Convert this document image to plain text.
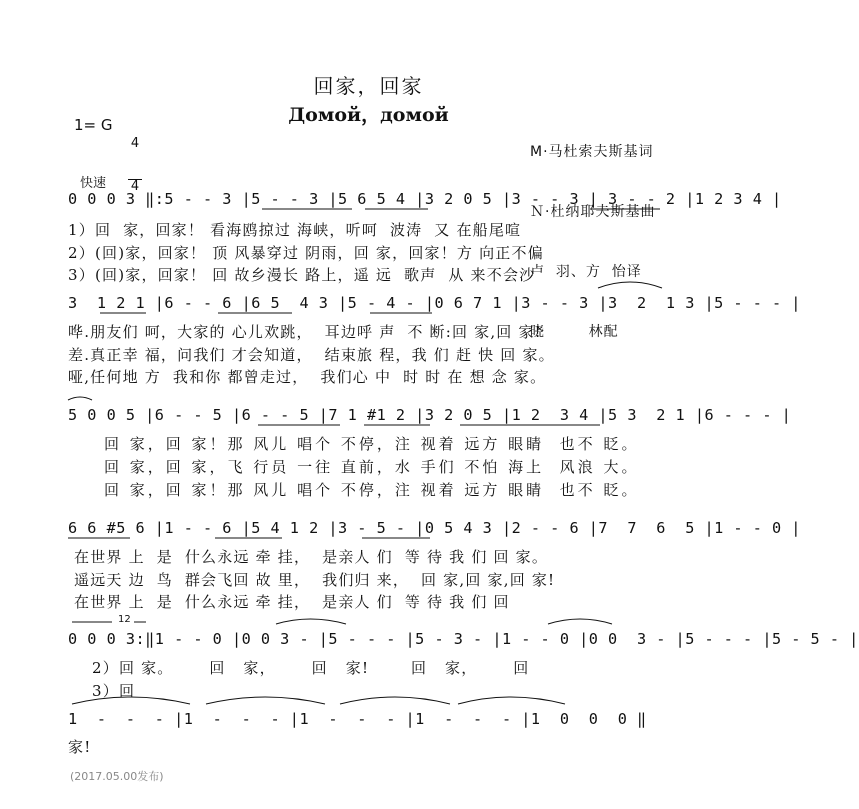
回家，回家
Домой，домой
1= G

4

4

М·马杜索夫斯基词

Ｎ·杜纳耶夫斯基曲

卢  羽、方  怡译

晓        林配

快速
0 0 0 3 ‖:5 - - 3 |5 - - 3 |5 6 5 4 |3 2 0 5 |3 - - 3 | 3 - - 2 |1 2 3 4 |
1）回  家，回家！ 看海鸥掠过 海峡，听呵  波涛  又 在船尾喧
2）(回)家，回家！ 顶 风暴穿过 阴雨，回 家，回家！方 向正不偏
3）(回)家，回家！ 回 故乡漫长 路上，遥 远  歌声  从 来不会沙
3  1 2 1 |6 - - 6 |6 5  4 3 |5 - 4 - |0 6 7 1 |3 - - 3 |3  2  1 3 |5 - - - |
哗.朋友们 呵，大家的 心儿欢跳，  耳边呼 声  不 断:回 家,回 家!
差.真正幸 福，问我们 才会知道，  结束旅 程，我 们 赶 快 回 家。
哑,任何地 方  我和你 都曾走过，  我们心 中  时 时 在 想 念 家。
5 0 0 5 |6 - - 5 |6 - - 5 |7 1 #1 2 |3 2 0 5 |1 2  3 4 |5 3  2 1 |6 - - - |
回 家，回 家！那 风儿 唱个 不停，注 视着 远方 眼睛  也不 眨。
回 家，回 家，飞 行员 一往 直前，水 手们 不怕 海上  风浪 大。
回 家，回 家！那 风儿 唱个 不停，注 视着 远方 眼睛  也不 眨。
6 6 #5 6 |1 - - 6 |5 4 1 2 |3 - 5 - |0 5 4 3 |2 - - 6 |7  7  6  5 |1 - - 0 |
在世界 上  是  什么永远 牵 挂，  是亲人 们  等 待 我 们 回 家。
遥远天 边  鸟  群会飞回 故 里，  我们归 来，  回 家,回 家,回 家!
在世界 上  是  什么永远 牵 挂，  是亲人 们  等 待 我 们 回
12
0 0 0 3:‖1 - - 0 |0 0 3 - |5 - - - |5 - 3 - |1 - - 0 |0 0  3 - |5 - - - |5 - 5 - |
2）回 家。      回   家，      回   家!       回   家，      回
3）回
1  -  -  - |1  -  -  - |1  -  -  - |1  -  -  - |1  0  0  0 ‖
家!
(2017.05.00发布)
